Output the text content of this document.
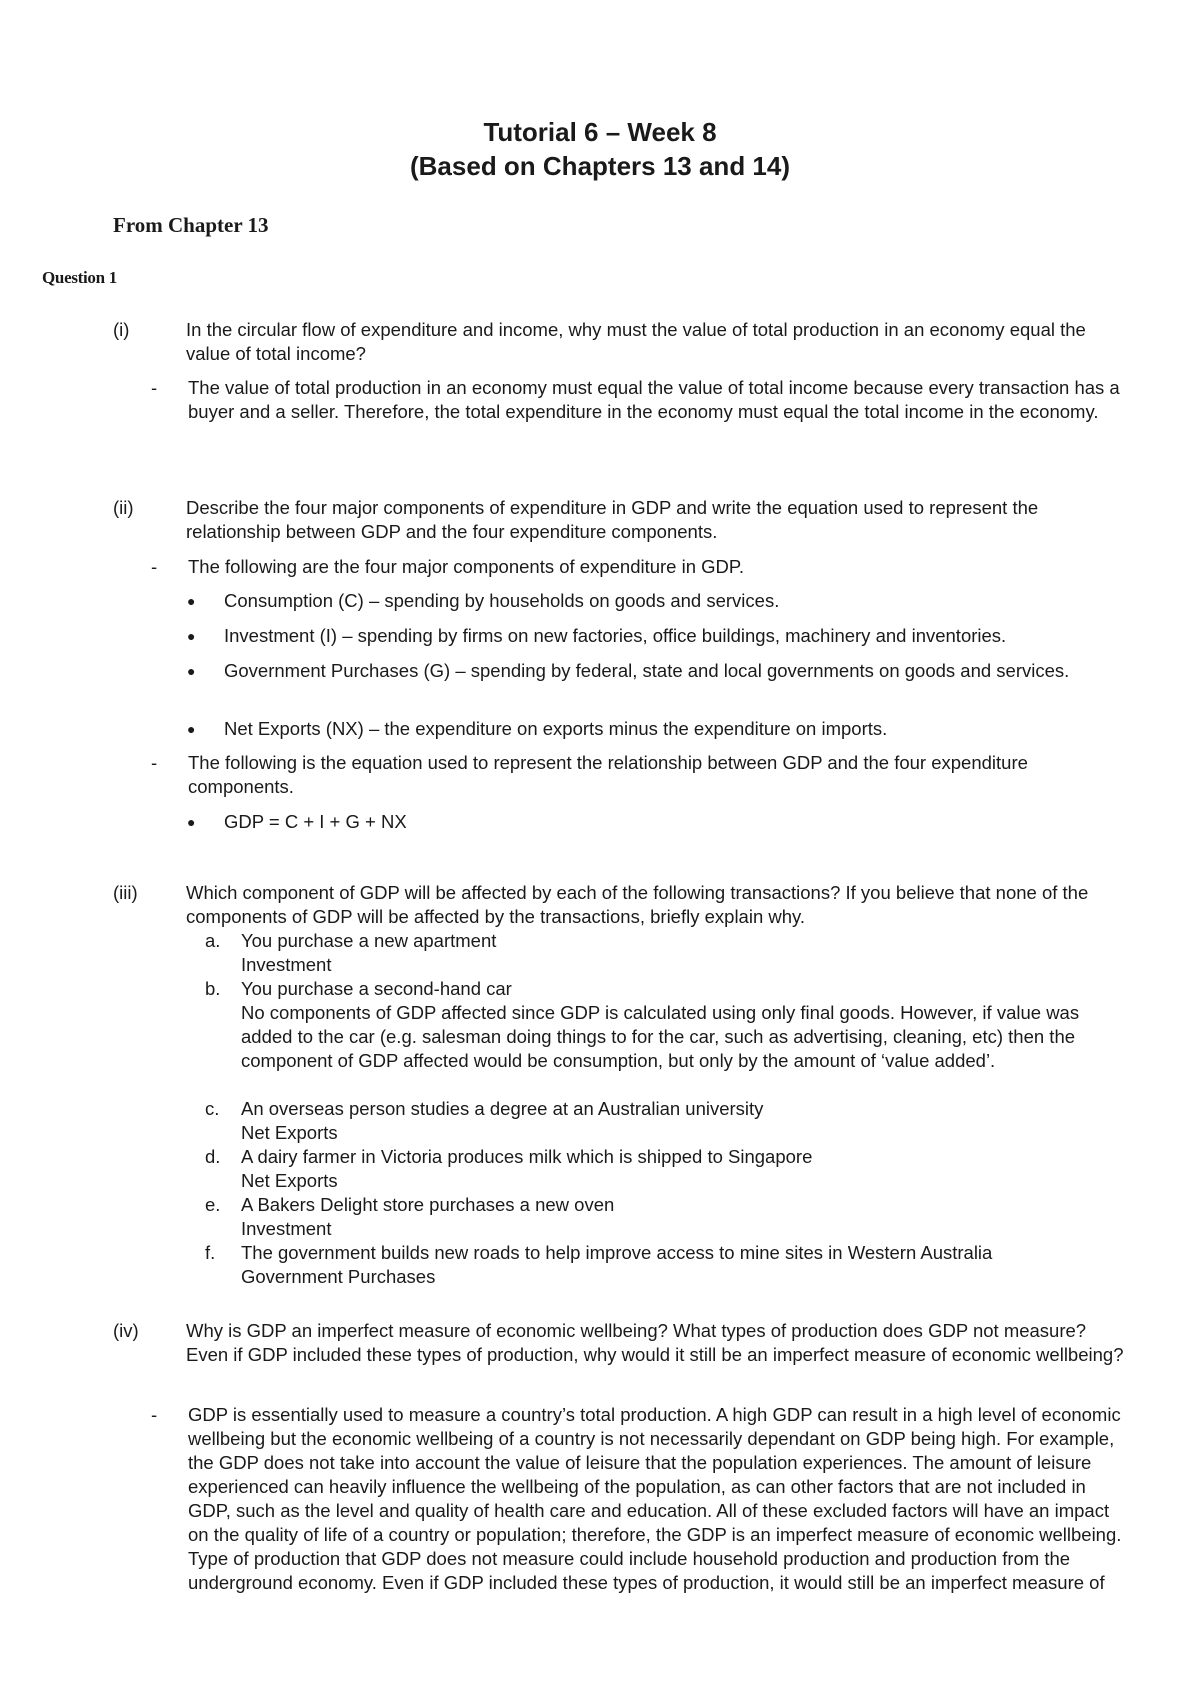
Tutorial 6 – Week 8
(Based on Chapters 13 and 14)
From Chapter 13
Question 1
(i)	In the circular flow of expenditure and income, why must the value of total production in an economy equal the value of total income?
- The value of total production in an economy must equal the value of total income because every transaction has a buyer and a seller. Therefore, the total expenditure in the economy must equal the total income in the economy.
(ii)	Describe the four major components of expenditure in GDP and write the equation used to represent the relationship between GDP and the four expenditure components.
- The following are the four major components of expenditure in GDP.
● Consumption (C) – spending by households on goods and services.
● Investment (I) – spending by firms on new factories, office buildings, machinery and inventories.
● Government Purchases (G) – spending by federal, state and local governments on goods and services.
● Net Exports (NX) – the expenditure on exports minus the expenditure on imports.
- The following is the equation used to represent the relationship between GDP and the four expenditure components.
● GDP = C + I + G + NX
(iii)	Which component of GDP will be affected by each of the following transactions? If you believe that none of the components of GDP will be affected by the transactions, briefly explain why.
a. You purchase a new apartment
Investment
b. You purchase a second-hand car
No components of GDP affected since GDP is calculated using only final goods. However, if value was added to the car (e.g. salesman doing things to for the car, such as advertising, cleaning, etc) then the component of GDP affected would be consumption, but only by the amount of ‘value added’.
c. An overseas person studies a degree at an Australian university
Net Exports
d. A dairy farmer in Victoria produces milk which is shipped to Singapore
Net Exports
e. A Bakers Delight store purchases a new oven
Investment
f. The government builds new roads to help improve access to mine sites in Western Australia
Government Purchases
(iv)	Why is GDP an imperfect measure of economic wellbeing? What types of production does GDP not measure? Even if GDP included these types of production, why would it still be an imperfect measure of economic wellbeing?
- GDP is essentially used to measure a country’s total production. A high GDP can result in a high level of economic wellbeing but the economic wellbeing of a country is not necessarily dependant on GDP being high. For example, the GDP does not take into account the value of leisure that the population experiences. The amount of leisure experienced can heavily influence the wellbeing of the population, as can other factors that are not included in GDP, such as the level and quality of health care and education. All of these excluded factors will have an impact on the quality of life of a country or population; therefore, the GDP is an imperfect measure of economic wellbeing. Type of production that GDP does not measure could include household production and production from the underground economy. Even if GDP included these types of production, it would still be an imperfect measure of
